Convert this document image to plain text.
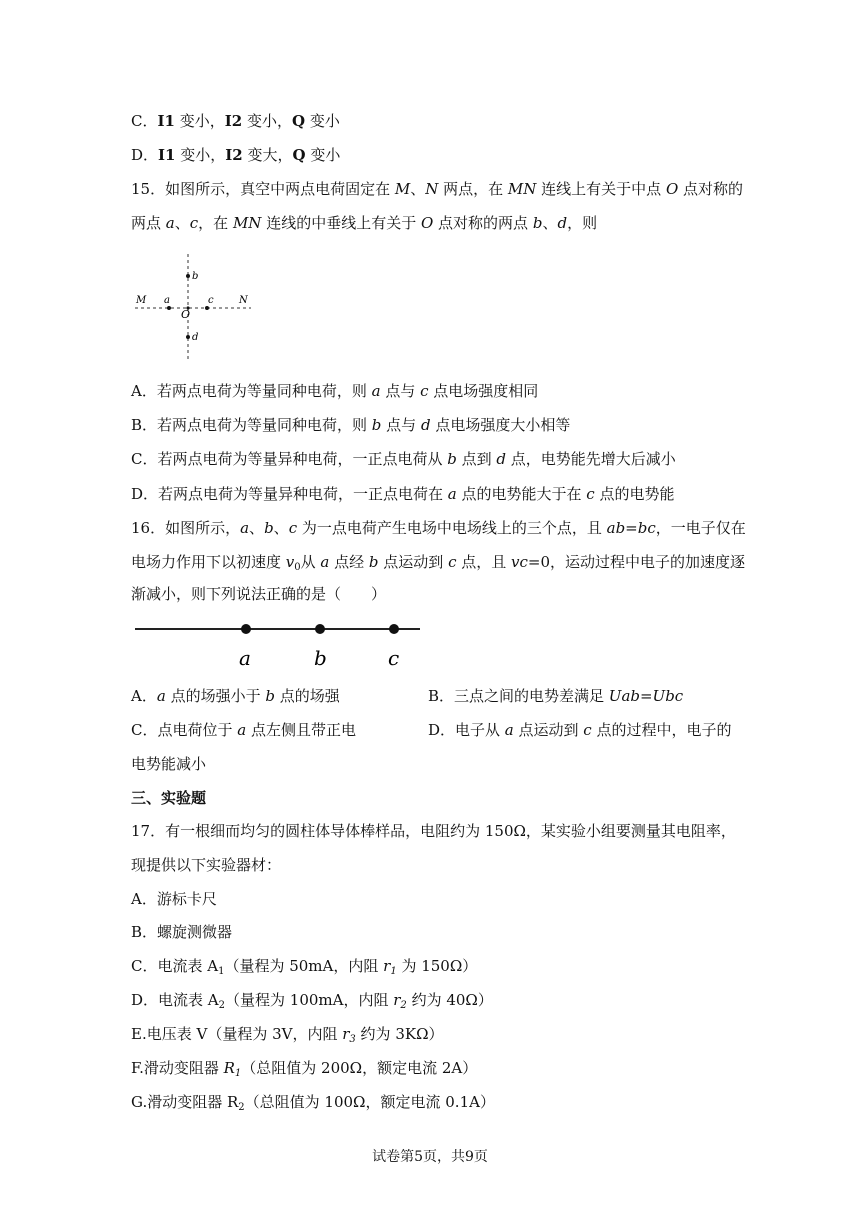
C．I1 变小，I2 变小，Q 变小
D．I1 变小，I2 变大，Q 变小
15．如图所示，真空中两点电荷固定在 M、N 两点，在 MN 连线上有关于中点 O 点对称的
两点 a、c，在 MN 连线的中垂线上有关于 O 点对称的两点 b、d，则
M a
O
c	N
b
d
A．若两点电荷为等量同种电荷，则 a 点与 c 点电场强度相同
B．若两点电荷为等量同种电荷，则 b 点与 d 点电场强度大小相等
C．若两点电荷为等量异种电荷，一正点电荷从 b 点到 d 点，电势能先增大后减小
D．若两点电荷为等量异种电荷，一正点电荷在 a 点的电势能大于在 c 点的电势能
16．如图所示，a、b、c 为一点电荷产生电场中电场线上的三个点，且 ab=bc，一电子仅在
电场力作用下以初速度 $v_0$从 a 点经 b 点运动到 c 点，且 vc=0，运动过程中电子的加速度逐
渐减小，则下列说法正确的是（　　）
a	b	c
A．a 点的场强小于 b 点的场强	B．三点之间的电势差满足 Uab=Ubc
C．点电荷位于 a 点左侧且带正电	D．电子从 a 点运动到 c 点的过程中，电子的
电势能减小
三、实验题
17．有一根细而均匀的圆柱体导体棒样品，电阻约为 150Ω，某实验小组要测量其电阻率，
现提供以下实验器材：
A．游标卡尺
B．螺旋测微器
C．电流表 $A_1$（量程为 50mA，内阻 $r_1$ 为 150Ω）
D．电流表 $A_2$（量程为 100mA，内阻 $r_2$ 约为 40Ω）
E.电压表 V（量程为 3V，内阻 $r_3$ 约为 3KΩ）
F.滑动变阻器 $R_1$（总阻值为 200Ω，额定电流 2A）
G.滑动变阻器 $R_2$（总阻值为 100Ω，额定电流 0.1A）
试卷第5页，共9页
